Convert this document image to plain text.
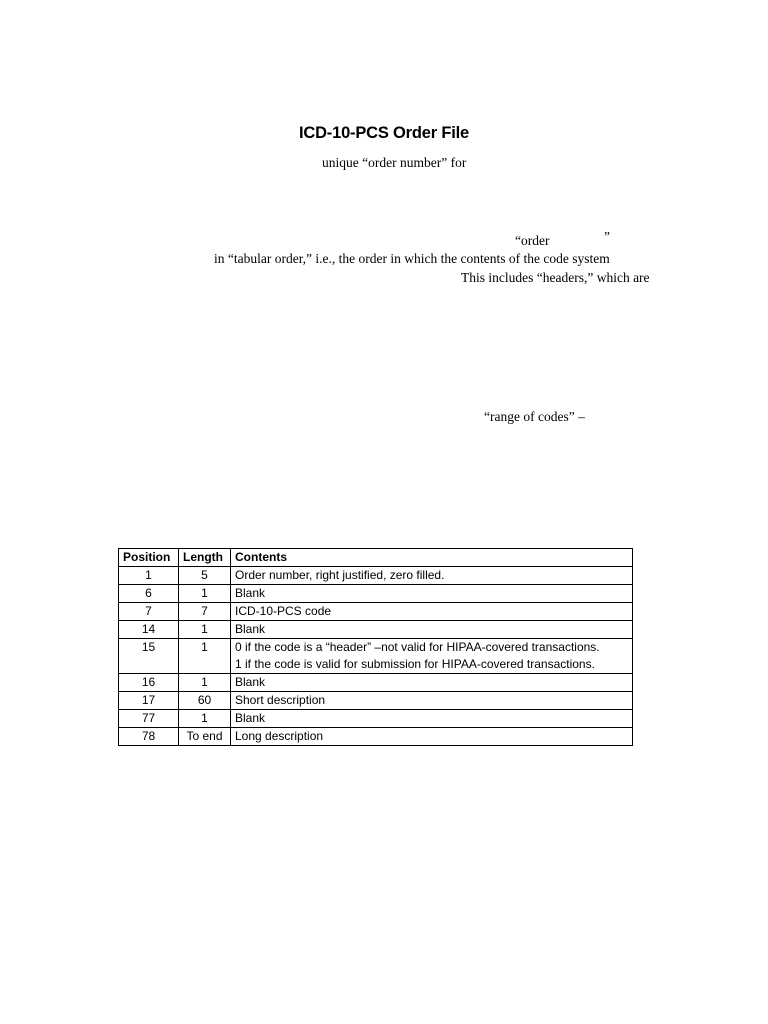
ICD-10-PCS Order File
unique “order number” for
“order	”
in “tabular order,” i.e., the order in which the contents of the code system
This includes “headers,” which are
“range of codes” –
Position	Length	Contents
1	5	Order number, right justified, zero filled.

6	1	Blank

7	7	ICD-10-PCS code

14	1	Blank

15	1	0 if the code is a “header” –not valid for HIPAA-covered transactions.
1 if the code is valid for submission for HIPAA-covered transactions.

16	1	Blank

17	60	Short description

77	1	Blank

78	To end	Long description
